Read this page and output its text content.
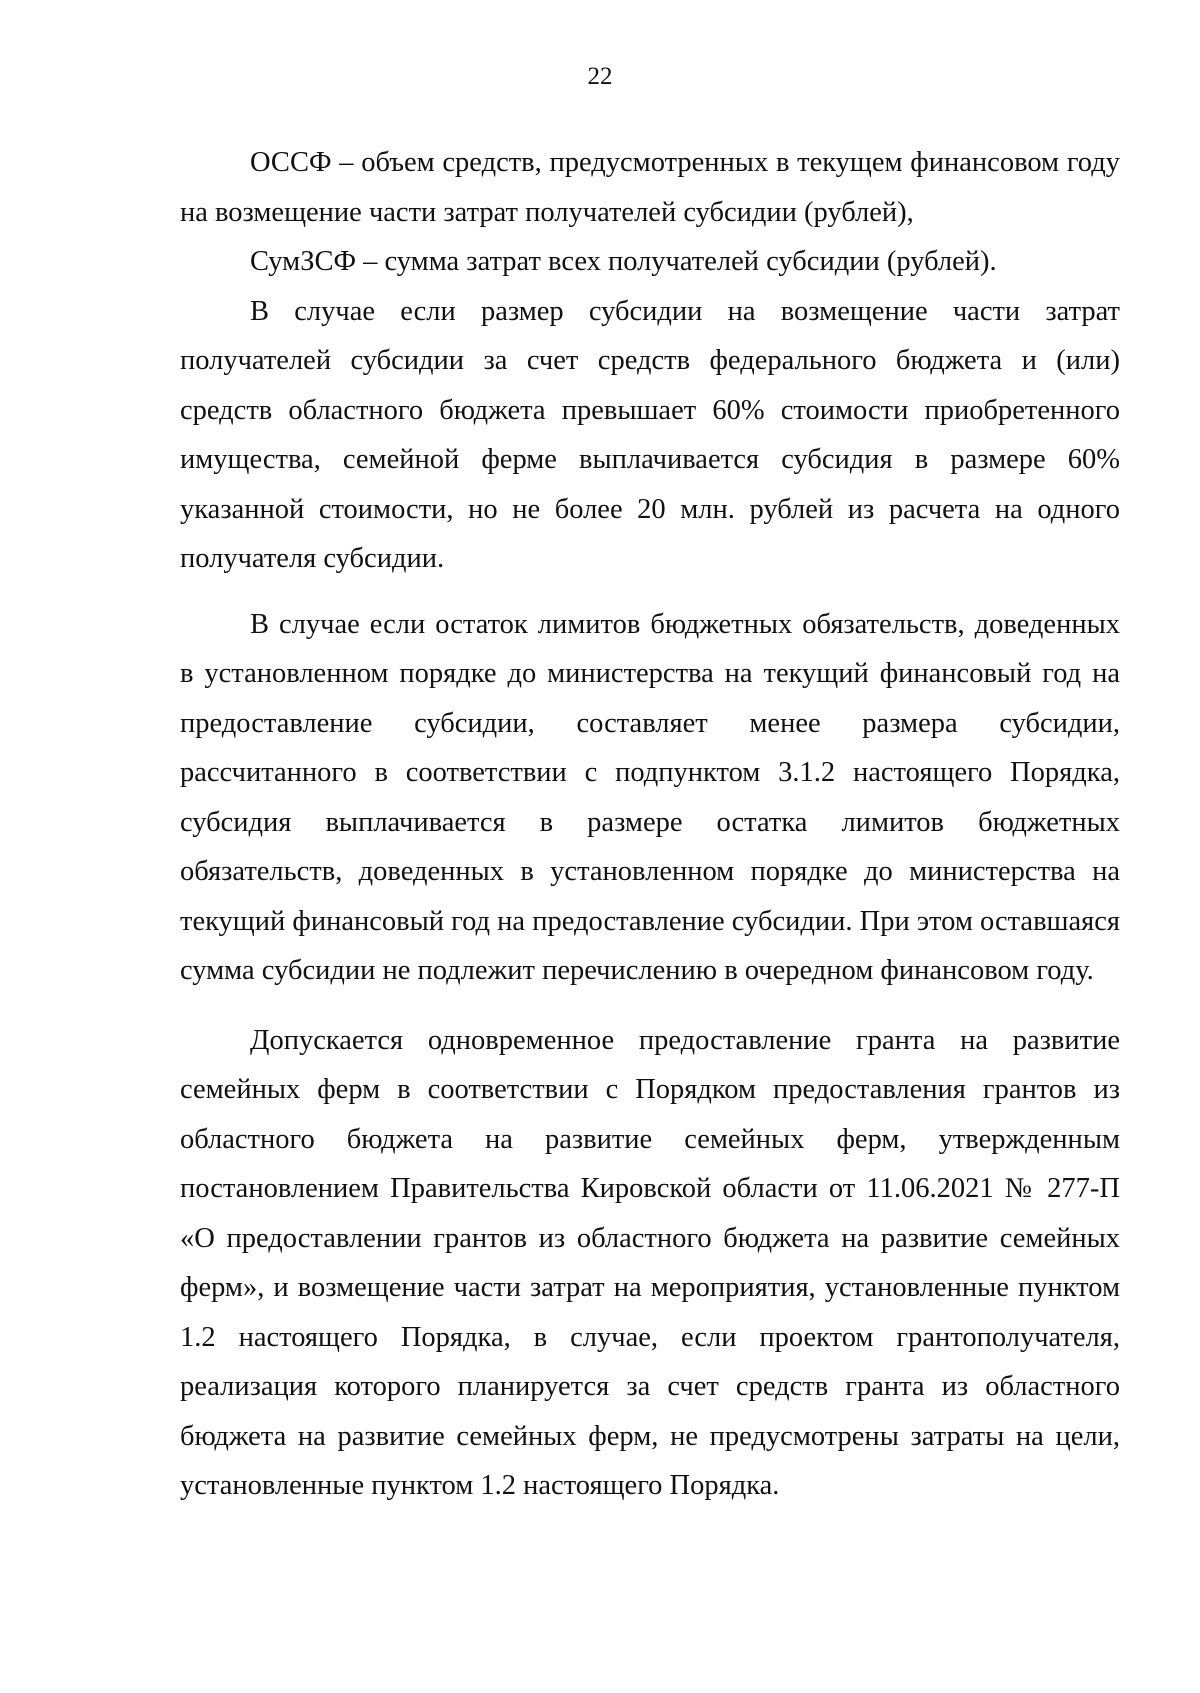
22

ОССФ – объем средств, предусмотренных в текущем финансовом году на возмещение части затрат получателей субсидии (рублей),

СумЗСФ – сумма затрат всех получателей субсидии (рублей).

В случае если размер субсидии на возмещение части затрат получателей субсидии за счет средств федерального бюджета и (или) средств областного бюджета превышает 60% стоимости приобретенного имущества, семейной ферме выплачивается субсидия в размере 60% указанной стоимости, но не более 20 млн. рублей из расчета на одного получателя субсидии.

В случае если остаток лимитов бюджетных обязательств, доведенных в установленном порядке до министерства на текущий финансовый год на предоставление субсидии, составляет менее размера субсидии, рассчитанного в соответствии с подпунктом 3.1.2 настоящего Порядка, субсидия выплачивается в размере остатка лимитов бюджетных обязательств, доведенных в установленном порядке до министерства на текущий финансовый год на предоставление субсидии. При этом оставшаяся сумма субсидии не подлежит перечислению в очередном финансовом году.

Допускается одновременное предоставление гранта на развитие семейных ферм в соответствии с Порядком предоставления грантов из областного бюджета на развитие семейных ферм, утвержденным постановлением Правительства Кировской области от 11.06.2021 № 277-П «О предоставлении грантов из областного бюджета на развитие семейных ферм», и возмещение части затрат на мероприятия, установленные пунктом 1.2 настоящего Порядка, в случае, если проектом грантополучателя, реализация которого планируется за счет средств гранта из областного бюджета на развитие семейных ферм, не предусмотрены затраты на цели, установленные пунктом 1.2 настоящего Порядка.
